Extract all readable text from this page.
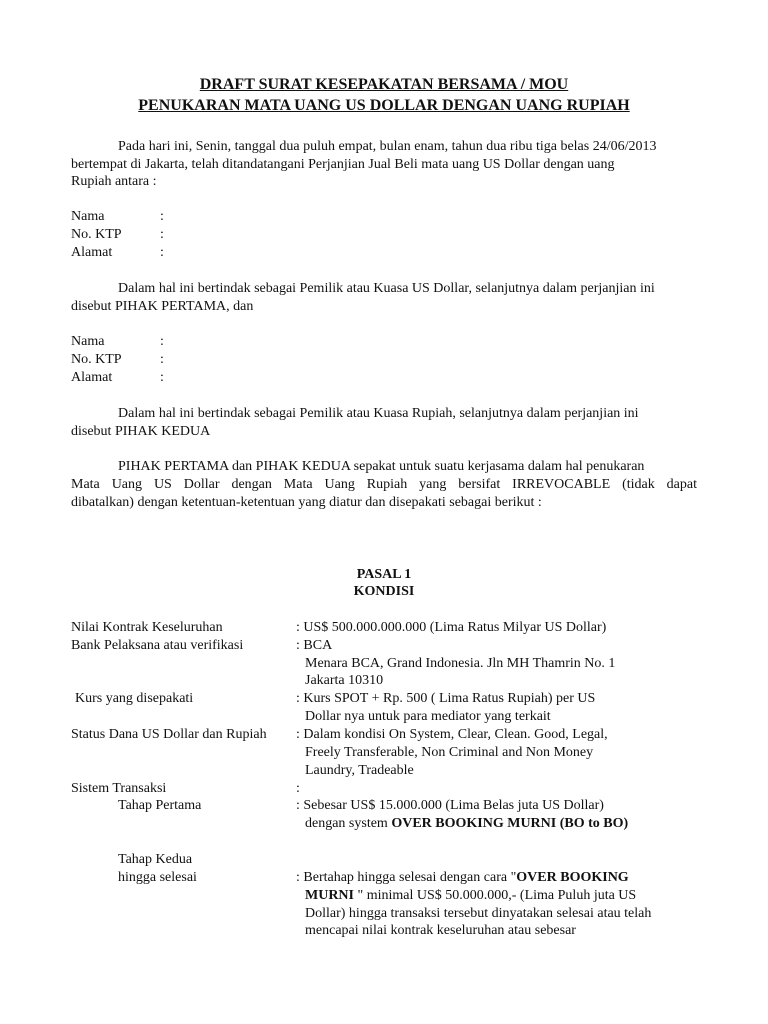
DRAFT SURAT KESEPAKATAN BERSAMA / MOU
PENUKARAN MATA UANG US DOLLAR DENGAN UANG RUPIAH
Pada hari ini, Senin, tanggal dua puluh empat, bulan enam, tahun dua ribu tiga belas 24/06/2013
bertempat di Jakarta, telah ditandatangani Perjanjian Jual Beli mata uang US Dollar dengan uang
Rupiah antara :
Nama	:
No. KTP	:
Alamat	:
Dalam hal ini bertindak sebagai Pemilik atau Kuasa US Dollar, selanjutnya dalam perjanjian ini
disebut PIHAK PERTAMA, dan
Nama	:
No. KTP	:
Alamat	:
Dalam hal ini bertindak sebagai Pemilik atau Kuasa Rupiah, selanjutnya dalam perjanjian ini
disebut PIHAK KEDUA
PIHAK PERTAMA dan PIHAK KEDUA sepakat untuk suatu kerjasama dalam hal penukaran
Mata Uang US Dollar dengan Mata Uang Rupiah yang bersifat IRREVOCABLE (tidak dapat
dibatalkan) dengan ketentuan-ketentuan yang diatur dan disepakati sebagai berikut :
PASAL 1
KONDISI
Nilai Kontrak Keseluruhan	: US$ 500.000.000.000 (Lima Ratus Milyar US Dollar)
Bank Pelaksana atau verifikasi	: BCA
Menara BCA, Grand Indonesia. Jln MH Thamrin No. 1
Jakarta 10310
Kurs yang disepakati	: Kurs SPOT + Rp. 500 ( Lima Ratus Rupiah) per US
Dollar nya untuk para mediator yang terkait
Status Dana US Dollar dan Rupiah : Dalam kondisi On System, Clear, Clean. Good, Legal,
Freely Transferable, Non Criminal and Non Money
Laundry, Tradeable
Sistem Transaksi	:
Tahap Pertama	: Sebesar US$ 15.000.000 (Lima Belas juta US Dollar)
dengan system OVER BOOKING MURNI (BO to BO)
Tahap Kedua
hingga selesai	: Bertahap hingga selesai dengan cara "OVER BOOKING
MURNI " minimal US$ 50.000.000,- (Lima Puluh juta US
Dollar) hingga transaksi tersebut dinyatakan selesai atau telah
mencapai nilai kontrak keseluruhan atau sebesar
